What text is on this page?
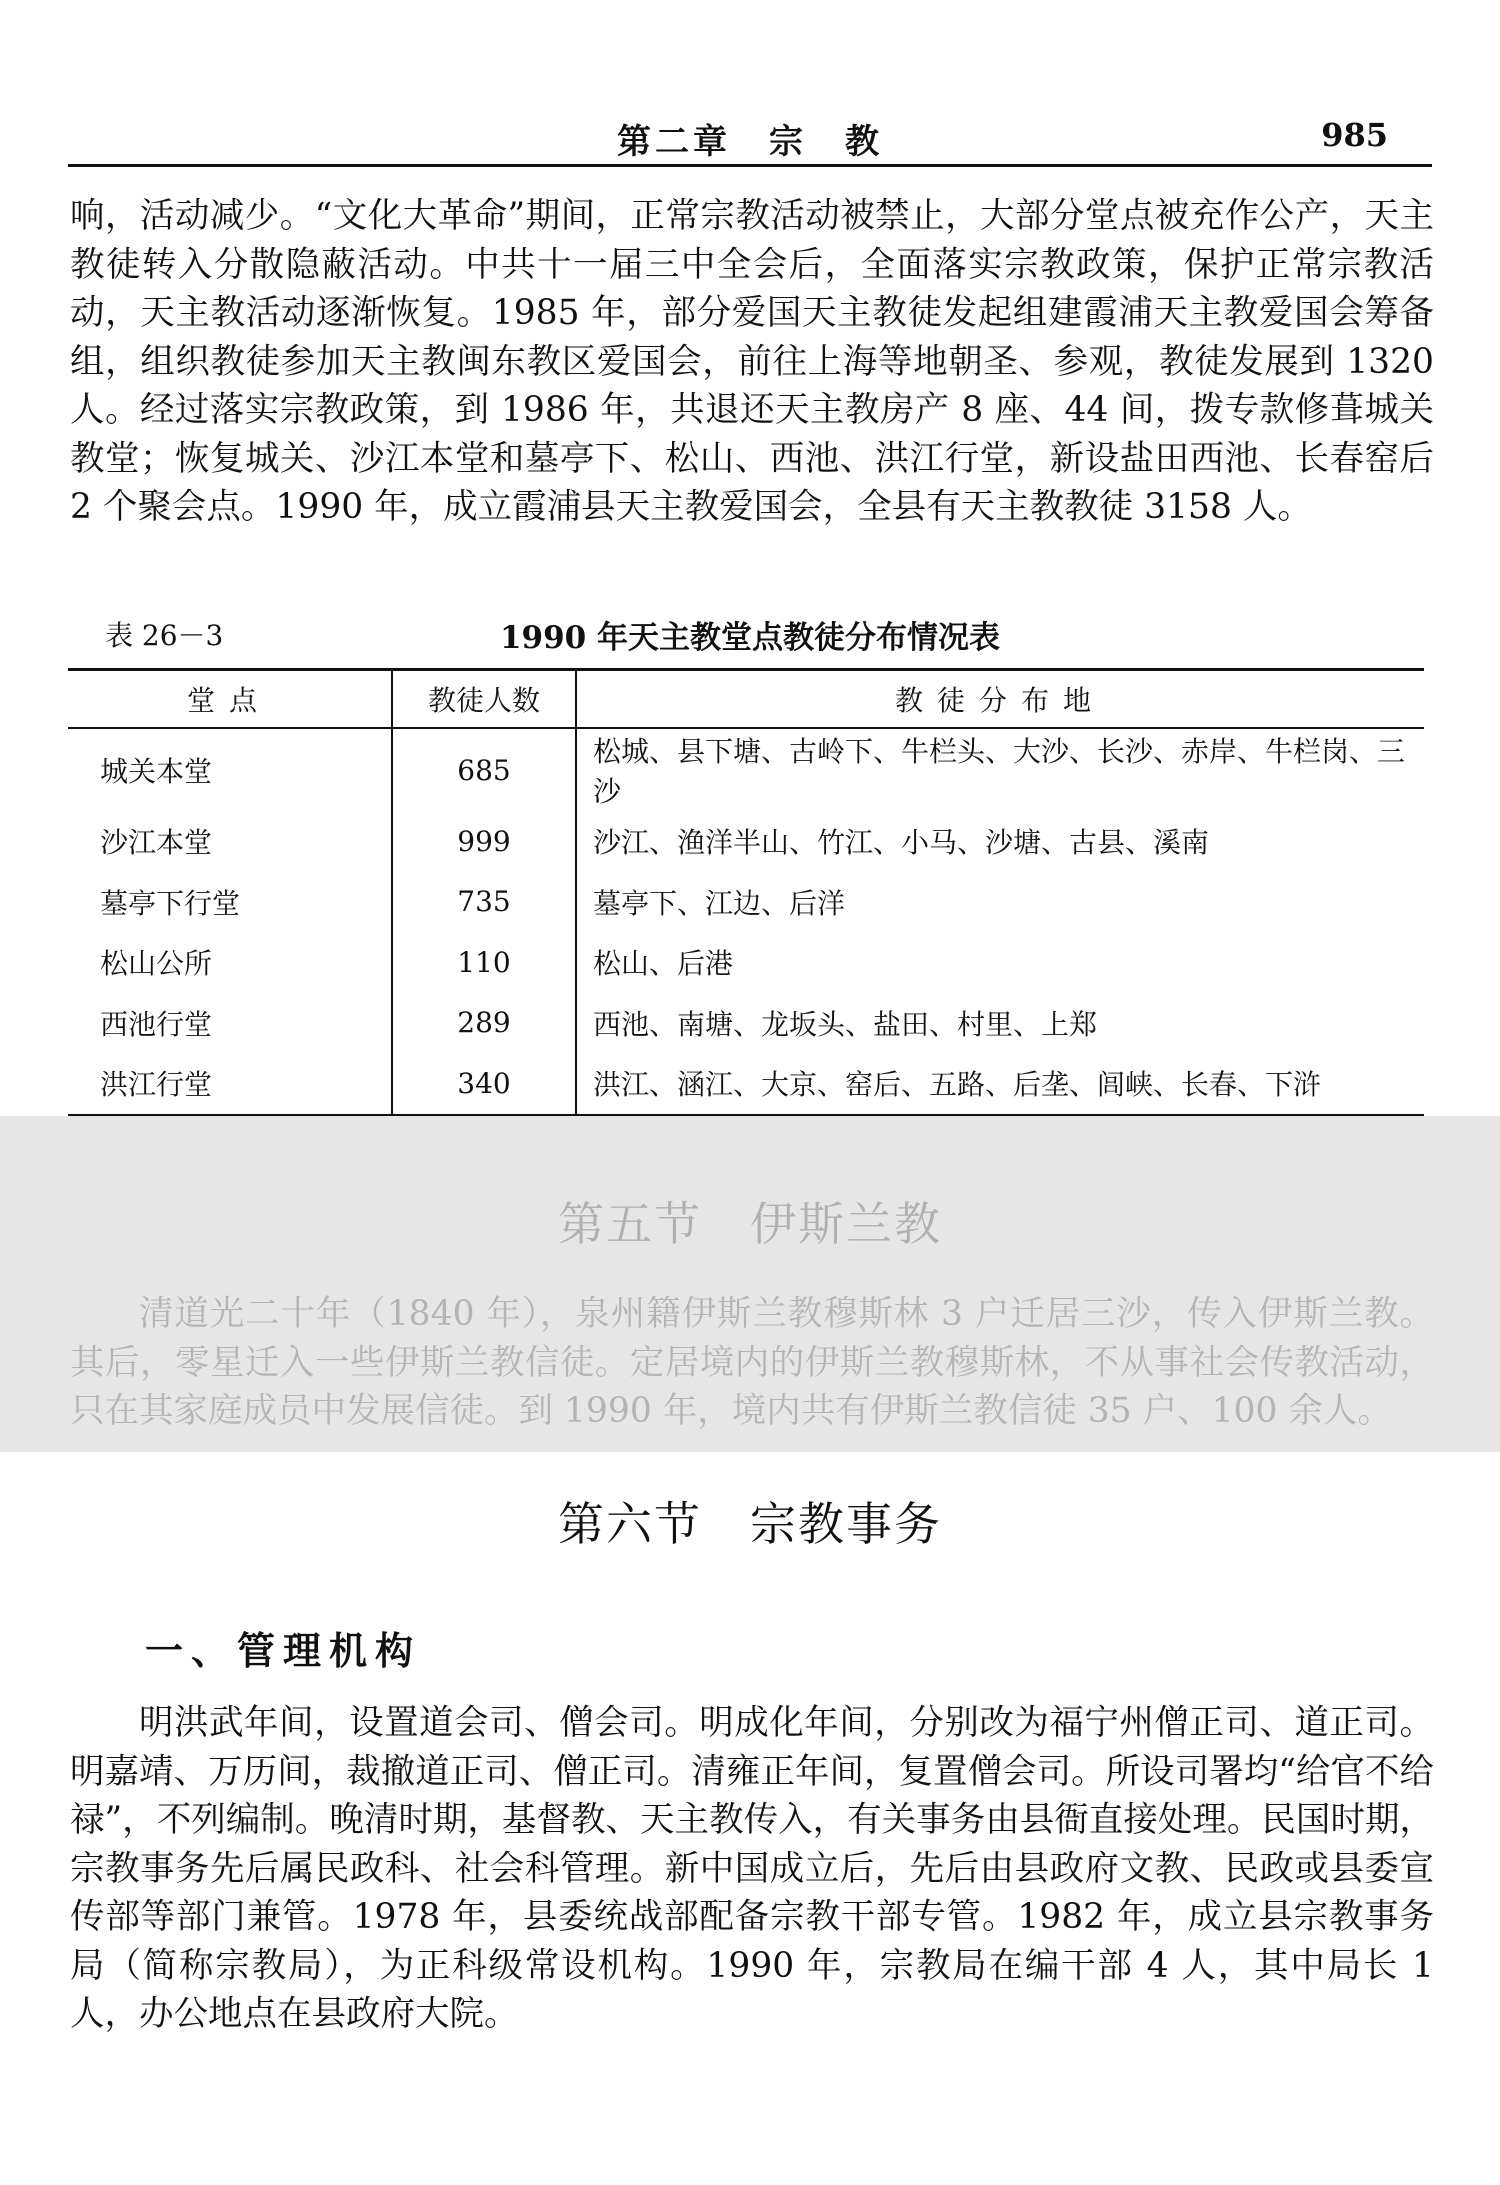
第二章　宗　教	985

响，活动减少。“文化大革命”期间，正常宗教活动被禁止，大部分堂点被充作公产，天主教徒转入分散隐蔽活动。中共十一届三中全会后，全面落实宗教政策，保护正常宗教活动，天主教活动逐渐恢复。1985 年，部分爱国天主教徒发起组建霞浦天主教爱国会筹备组，组织教徒参加天主教闽东教区爱国会，前往上海等地朝圣、参观，教徒发展到 1320 人。经过落实宗教政策，到 1986 年，共退还天主教房产 8 座、44 间，拨专款修葺城关教堂；恢复城关、沙江本堂和墓亭下、松山、西池、洪江行堂，新设盐田西池、长春窑后 2 个聚会点。1990 年，成立霞浦县天主教爱国会，全县有天主教教徒 3158 人。

表 26－3	1990 年天主教堂点教徒分布情况表
堂点	教徒人数	教徒分布地
城关本堂	685	松城、县下塘、古岭下、牛栏头、大沙、长沙、赤岸、牛栏岗、三沙
沙江本堂	999	沙江、渔洋半山、竹江、小马、沙塘、古县、溪南
墓亭下行堂	735	墓亭下、江边、后洋
松山公所	110	松山、后港
西池行堂	289	西池、南塘、龙坂头、盐田、村里、上郑
洪江行堂	340	洪江、涵江、大京、窑后、五路、后垄、闾峡、长春、下浒
第五节　伊斯兰教

清道光二十年（1840 年），泉州籍伊斯兰教穆斯林 3 户迁居三沙，传入伊斯兰教。其后，零星迁入一些伊斯兰教信徒。定居境内的伊斯兰教穆斯林，不从事社会传教活动，只在其家庭成员中发展信徒。到 1990 年，境内共有伊斯兰教信徒 35 户、100 余人。

第六节　宗教事务
一、管理机构

明洪武年间，设置道会司、僧会司。明成化年间，分别改为福宁州僧正司、道正司。明嘉靖、万历间，裁撤道正司、僧正司。清雍正年间，复置僧会司。所设司署均“给官不给禄”，不列编制。晚清时期，基督教、天主教传入，有关事务由县衙直接处理。民国时期，宗教事务先后属民政科、社会科管理。新中国成立后，先后由县政府文教、民政或县委宣传部等部门兼管。1978 年，县委统战部配备宗教干部专管。1982 年，成立县宗教事务局（简称宗教局），为正科级常设机构。1990 年，宗教局在编干部 4 人，其中局长 1 人，办公地点在县政府大院。
